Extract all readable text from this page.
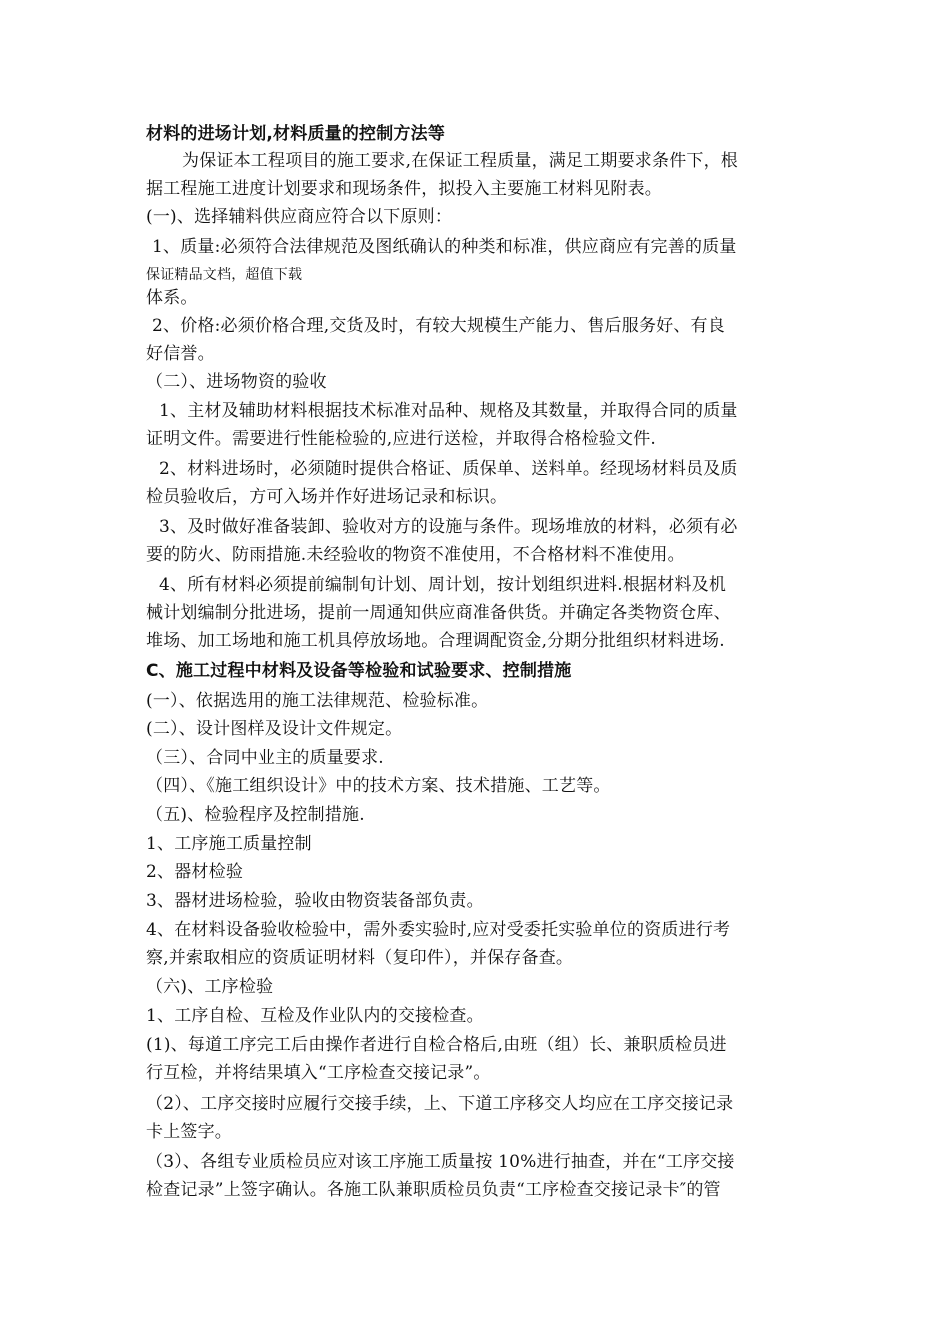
材料的进场计划,材料质量的控制方法等
为保证本工程项目的施工要求,在保证工程质量，满足工期要求条件下，根
据工程施工进度计划要求和现场条件，拟投入主要施工材料见附表。
(一)、选择辅料供应商应符合以下原则：
1、质量:必须符合法律规范及图纸确认的种类和标准，供应商应有完善的质量
保证精品文档，超值下载
体系。
2、价格:必须价格合理,交货及时，有较大规模生产能力、售后服务好、有良
好信誉。
（二）、进场物资的验收
1、主材及辅助材料根据技术标准对品种、规格及其数量，并取得合同的质量
证明文件。需要进行性能检验的,应进行送检，并取得合格检验文件.
2、材料进场时，必须随时提供合格证、质保单、送料单。经现场材料员及质
检员验收后，方可入场并作好进场记录和标识。
3、及时做好准备装卸、验收对方的设施与条件。现场堆放的材料，必须有必
要的防火、防雨措施.未经验收的物资不准使用，不合格材料不准使用。
4、所有材料必须提前编制旬计划、周计划，按计划组织进料.根据材料及机
械计划编制分批进场，提前一周通知供应商准备供货。并确定各类物资仓库、
堆场、加工场地和施工机具停放场地。合理调配资金,分期分批组织材料进场.
C、施工过程中材料及设备等检验和试验要求、控制措施
(一）、依据选用的施工法律规范、检验标准。
(二）、设计图样及设计文件规定。
（三）、合同中业主的质量要求.
（四）、《施工组织设计》中的技术方案、技术措施、工艺等。
（五)、检验程序及控制措施.
1、工序施工质量控制
2、器材检验
3、器材进场检验，验收由物资装备部负责。
4、在材料设备验收检验中，需外委实验时,应对受委托实验单位的资质进行考
察,并索取相应的资质证明材料（复印件），并保存备查。
（六)、工序检验
1、工序自检、互检及作业队内的交接检查。
(1)、每道工序完工后由操作者进行自检合格后,由班（组）长、兼职质检员进
行互检，并将结果填入“工序检查交接记录”。
（2）、工序交接时应履行交接手续，上、下道工序移交人均应在工序交接记录
卡上签字。
（3）、各组专业质检员应对该工序施工质量按 10%进行抽查，并在“工序交接
检查记录”上签字确认。各施工队兼职质检员负责“工序检查交接记录卡″的管
